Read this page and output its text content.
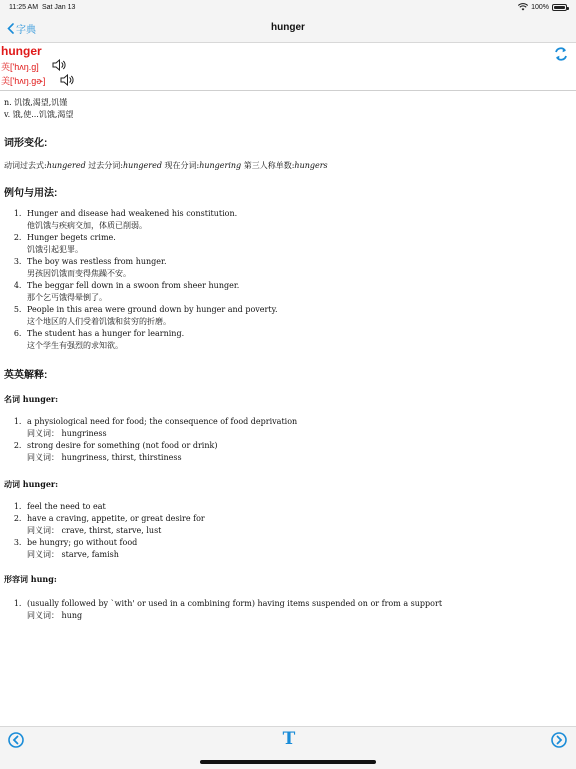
11:25 AM Sat Jan 13	100%
字典	hunger
hunger
英['hʌŋ.g]
美['hʌŋ.gɚ]
n. 饥饿,渴望,饥馑
v. 饿,使...饥饿,渴望
词形变化:
动词过去式:hungered 过去分词:hungered 现在分词:hungering 第三人称单数:hungers
例句与用法:
1. Hunger and disease had weakened his constitution.
他饥饿与疾病交加，体质已削弱。
2. Hunger begets crime.
饥饿引起犯罪。
3. The boy was restless from hunger.
男孩因饥饿而变得焦躁不安。
4. The beggar fell down in a swoon from sheer hunger.
那个乞丐饿得晕倒了。
5. People in this area were ground down by hunger and poverty.
这个地区的人们受着饥饿和贫穷的折磨。
6. The student has a hunger for learning.
这个学生有强烈的求知欲。
英英解释:
名词 hunger:
1. a physiological need for food; the consequence of food deprivation
同义词： hungriness
2. strong desire for something (not food or drink)
同义词： hungriness, thirst, thirstiness
动词 hunger:
1. feel the need to eat
2. have a craving, appetite, or great desire for
同义词： crave, thirst, starve, lust
3. be hungry; go without food
同义词： starve, famish
形容词 hung:
1. (usually followed by `with' or used in a combining form) having items suspended on or from a support
同义词： hung
T
